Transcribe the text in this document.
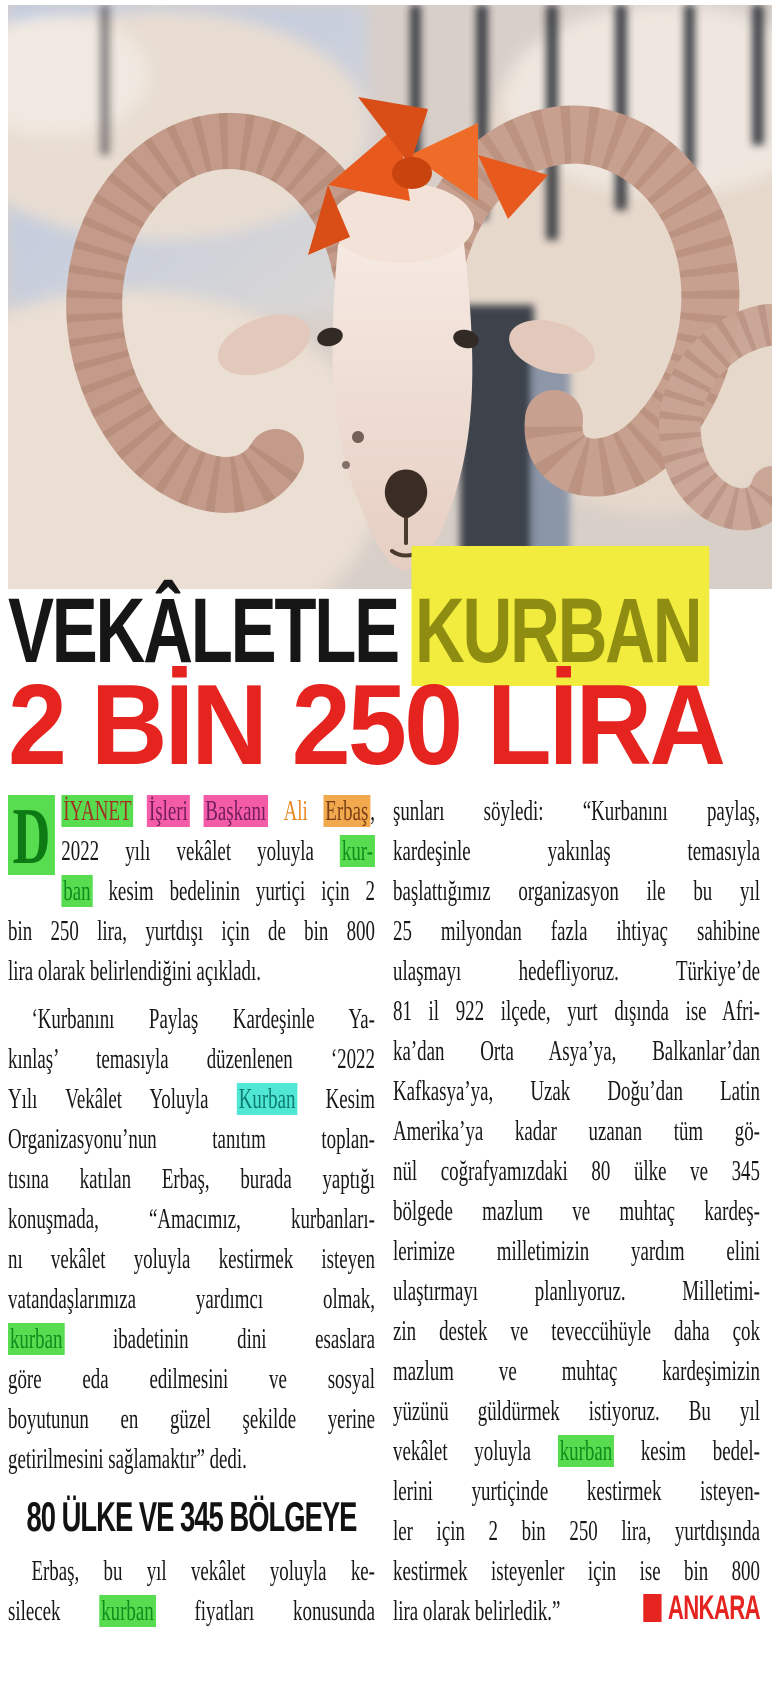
VEKÂLETLE KURBAN
2 BİN 250 LİRA
D İYANET İşleri Başkanı Ali Erbaş,
2022 yılı vekâlet yoluyla kur-
ban kesim bedelinin yurtiçi için 2
bin 250 lira, yurtdışı için de bin 800
lira olarak belirlendiğini açıkladı.
‘Kurbanını Paylaş Kardeşinle Ya-
kınlaş’ temasıyla düzenlenen ‘2022
Yılı Vekâlet Yoluyla Kurban Kesim
Organizasyonu’nun tanıtım toplan-
tısına katılan Erbaş, burada yaptığı
konuşmada, “Amacımız, kurbanları-
nı vekâlet yoluyla kestirmek isteyen
vatandaşlarımıza yardımcı olmak,
kurban ibadetinin dini esaslara
göre eda edilmesini ve sosyal
boyutunun en güzel şekilde yerine
getirilmesini sağlamaktır” dedi.
80 ÜLKE VE 345 BÖLGEYE
Erbaş, bu yıl vekâlet yoluyla ke-
silecek kurban fiyatları konusunda
şunları söyledi: “Kurbanını paylaş,
kardeşinle yakınlaş temasıyla
başlattığımız organizasyon ile bu yıl
25 milyondan fazla ihtiyaç sahibine
ulaşmayı hedefliyoruz. Türkiye’de
81 il 922 ilçede, yurt dışında ise Afri-
ka’dan Orta Asya’ya, Balkanlar’dan
Kafkasya’ya, Uzak Doğu’dan Latin
Amerika’ya kadar uzanan tüm gö-
nül coğrafyamızdaki 80 ülke ve 345
bölgede mazlum ve muhtaç kardeş-
lerimize milletimizin yardım elini
ulaştırmayı planlıyoruz. Milletimi-
zin destek ve teveccühüyle daha çok
mazlum ve muhtaç kardeşimizin
yüzünü güldürmek istiyoruz. Bu yıl
vekâlet yoluyla kurban kesim bedel-
lerini yurtiçinde kestirmek isteyen-
ler için 2 bin 250 lira, yurtdışında
kestirmek isteyenler için ise bin 800
lira olarak belirledik.”	ANKARA
